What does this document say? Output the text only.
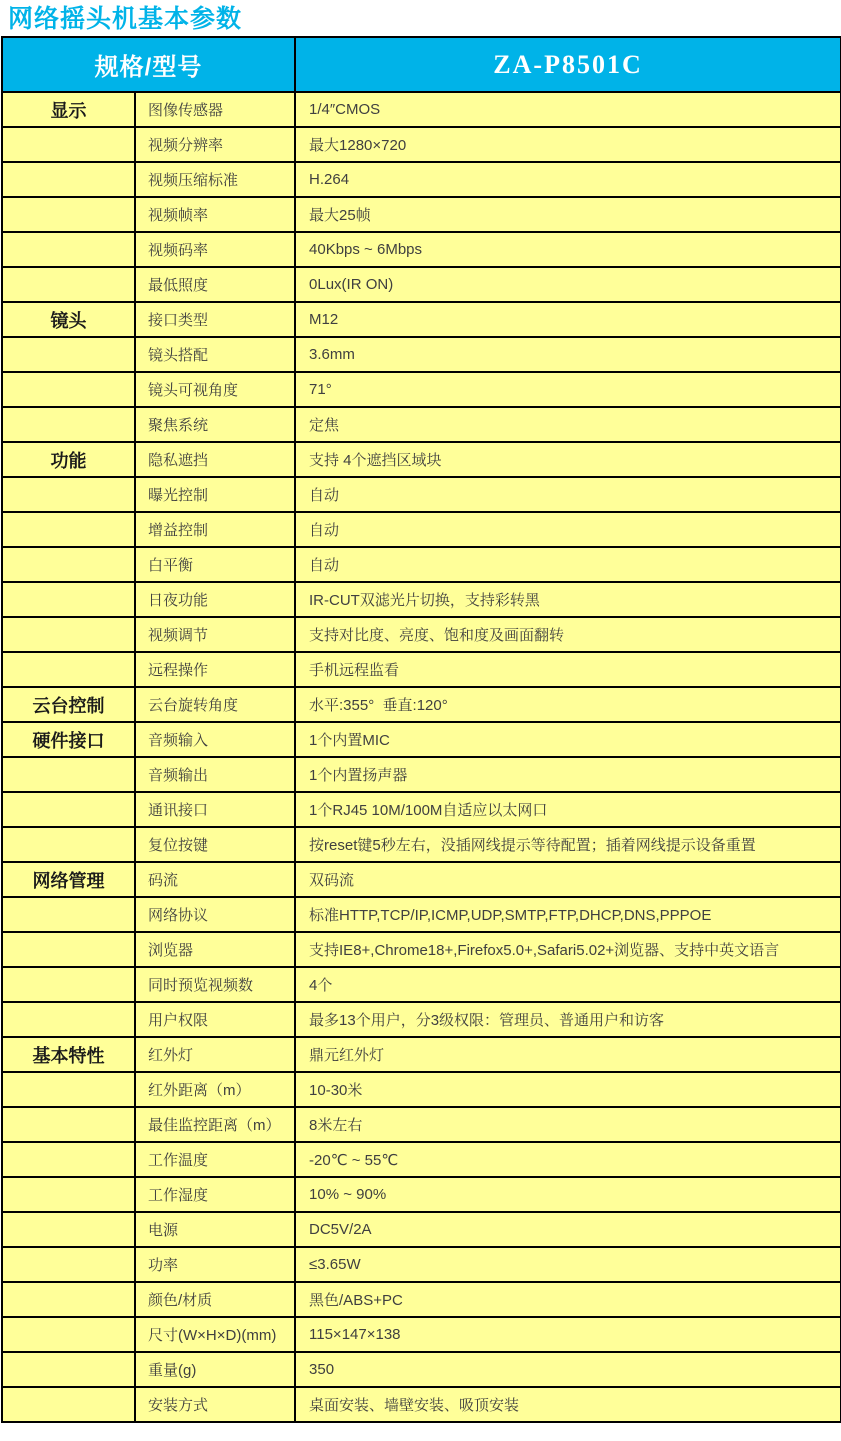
网络摇头机基本参数
规格/型号		ZA-P8501C
显示	图像传感器	1/4″CMOS
	视频分辨率	最大1280×720
	视频压缩标准	H.264
	视频帧率	最大25帧
	视频码率	40Kbps ~ 6Mbps
	最低照度	0Lux(IR ON)
镜头	接口类型	M12
	镜头搭配	3.6mm
	镜头可视角度	71°
	聚焦系统	定焦
功能	隐私遮挡	支持 4个遮挡区域块
	曝光控制	自动
	增益控制	自动
	白平衡	自动
	日夜功能	IR-CUT双滤光片切换，支持彩转黑
	视频调节	支持对比度、亮度、饱和度及画面翻转
	远程操作	手机远程监看
云台控制	云台旋转角度	水平:355°  垂直:120°
硬件接口	音频输入	1个内置MIC
	音频输出	1个内置扬声器
	通讯接口	1个RJ45 10M/100M自适应以太网口
	复位按键	按reset键5秒左右，没插网线提示等待配置；插着网线提示设备重置
网络管理	码流	双码流
	网络协议	标准HTTP,TCP/IP,ICMP,UDP,SMTP,FTP,DHCP,DNS,PPPOE
	浏览器	支持IE8+,Chrome18+,Firefox5.0+,Safari5.02+浏览器、支持中英文语言
	同时预览视频数	4个
	用户权限	最多13个用户，分3级权限：管理员、普通用户和访客
基本特性	红外灯	鼎元红外灯
	红外距离（m）	10-30米
	最佳监控距离（m）	8米左右
	工作温度	-20℃ ~ 55℃
	工作湿度	10% ~ 90%
	电源	DC5V/2A
	功率	≤3.65W
	颜色/材质	黑色/ABS+PC
	尺寸(W×H×D)(mm)	115×147×138
	重量(g)	350
	安装方式	桌面安装、墙壁安装、吸顶安装
